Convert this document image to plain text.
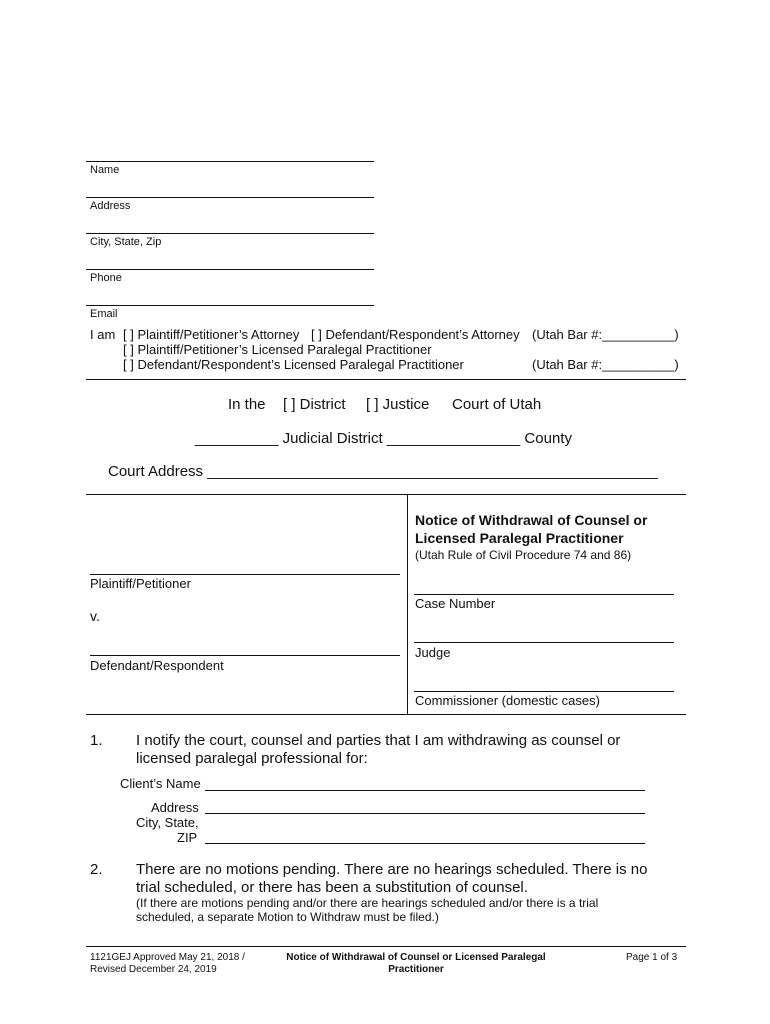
Name
Address
City, State, Zip
Phone
Email
I am [ ] Plaintiff/Petitioner’s Attorney [ ] Defendant/Respondent’s Attorney (Utah Bar #:__________)
[ ] Plaintiff/Petitioner’s Licensed Paralegal Practitioner
[ ] Defendant/Respondent’s Licensed Paralegal Practitioner	(Utah Bar #:__________)
In the [ ] District [ ] Justice Court of Utah
__________ Judicial District ________________ County
Court Address ______________________________________________________
Plaintiff/Petitioner
v.
Defendant/Respondent
Notice of Withdrawal of Counsel or
Licensed Paralegal Practitioner
(Utah Rule of Civil Procedure 74 and 86)
Case Number
Judge
Commissioner (domestic cases)
1. I notify the court, counsel and parties that I am withdrawing as counsel or
licensed paralegal professional for:
Client’s Name
Address
City, State,
ZIP
2. There are no motions pending. There are no hearings scheduled. There is no
trial scheduled, or there has been a substitution of counsel.
(If there are motions pending and/or there are hearings scheduled and/or there is a trial
scheduled, a separate Motion to Withdraw must be filed.)
1121GEJ Approved May 21, 2018 /
Revised December 24, 2019
Notice of Withdrawal of Counsel or Licensed Paralegal
Practitioner
Page 1 of 3
